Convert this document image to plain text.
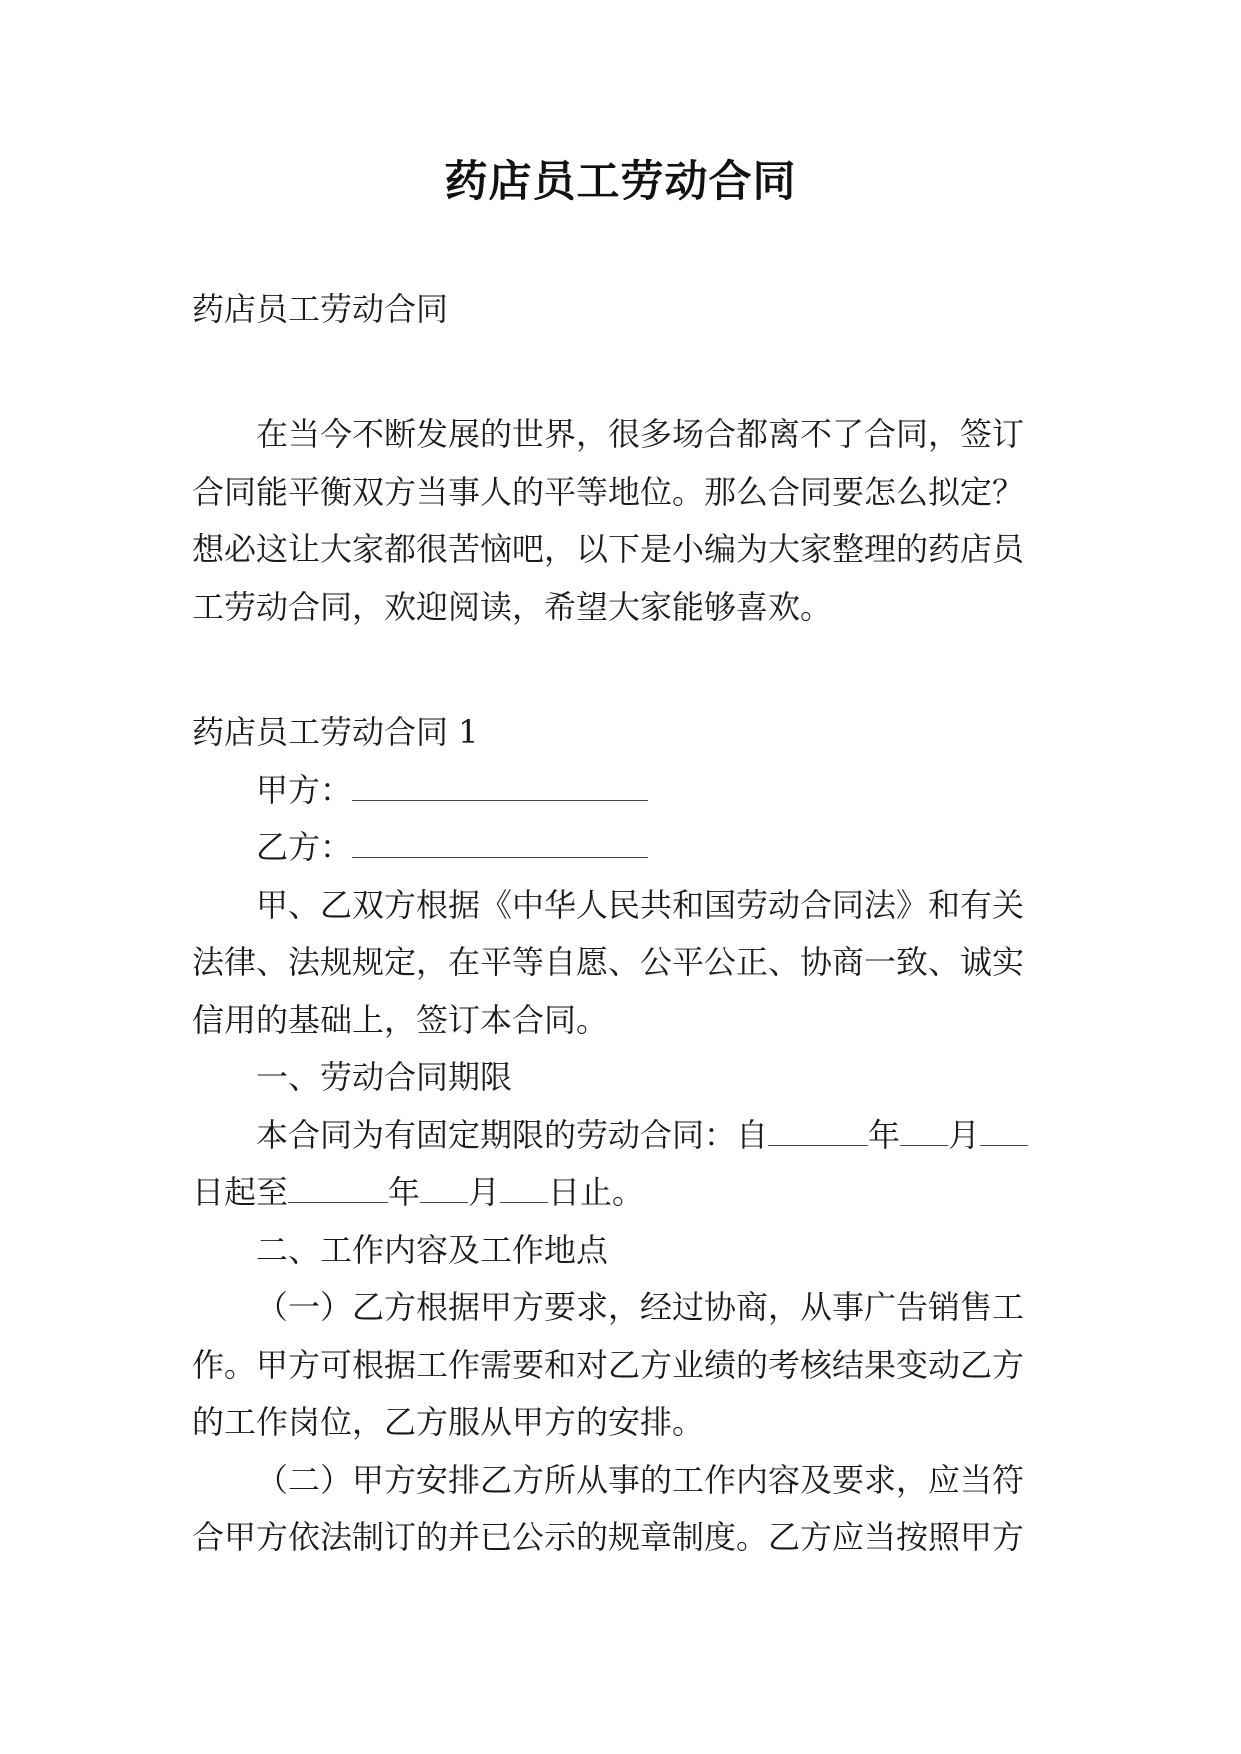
药店员工劳动合同
药店员工劳动合同
在当今不断发展的世界，很多场合都离不了合同，签订
合同能平衡双方当事人的平等地位。那么合同要怎么拟定？
想必这让大家都很苦恼吧，以下是小编为大家整理的药店员
工劳动合同，欢迎阅读，希望大家能够喜欢。
药店员工劳动合同 1
甲方：
乙方：
甲、乙双方根据《中华人民共和国劳动合同法》和有关
法律、法规规定，在平等自愿、公平公正、协商一致、诚实
信用的基础上，签订本合同。
一、劳动合同期限
本合同为有固定期限的劳动合同：自	年 月
日起至	年 月 日止。
二、工作内容及工作地点
（一）乙方根据甲方要求，经过协商，从事广告销售工
作。甲方可根据工作需要和对乙方业绩的考核结果变动乙方
的工作岗位，乙方服从甲方的安排。
（二）甲方安排乙方所从事的工作内容及要求，应当符
合甲方依法制订的并已公示的规章制度。乙方应当按照甲方
